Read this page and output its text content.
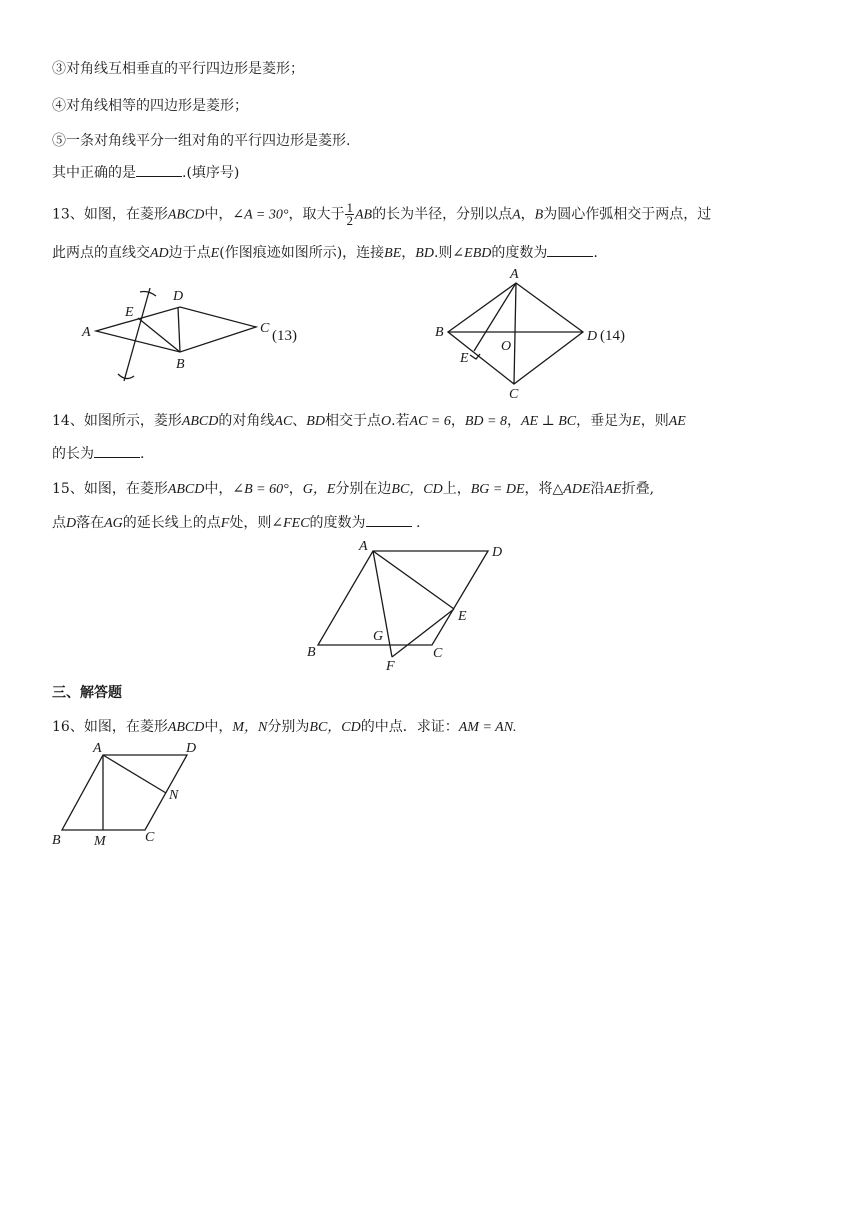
③对角线互相垂直的平行四边形是菱形；
④对角线相等的四边形是菱形；
⑤一条对角线平分一组对角的平行四边形是菱形.
其中正确的是	.(填序号)
13、如图，在菱形ABCD中，∠A = 30°，取大于 $\frac{1}{2}$ AB的长为半径，分别以点A，B为圆心作弧相交于两点，过
此两点的直线交AD边于点E(作图痕迹如图所示)，连接BE，BD.则∠EBD的度数为	.
A
B
C
D
E
(13)
A
B
C
D
E
O
(14)
A
B	C
D
E
F
G
A
B	C
D
M
N
14、如图所示，菱形ABCD的对角线AC、BD相交于点O.若AC = 6，BD = 8，AE ⊥ BC，垂足为E，则AE
的长为	.
15、如图，在菱形ABCD中，∠B = 60°，G，E分别在边BC，CD上，BG = DE，将△ADE沿AE折叠,
点D落在AG的延长线上的点F处，则∠FEC的度数为	.
三、解答题
16、如图，在菱形ABCD中，M，N分别为BC，CD的中点．求证：AM = AN.
